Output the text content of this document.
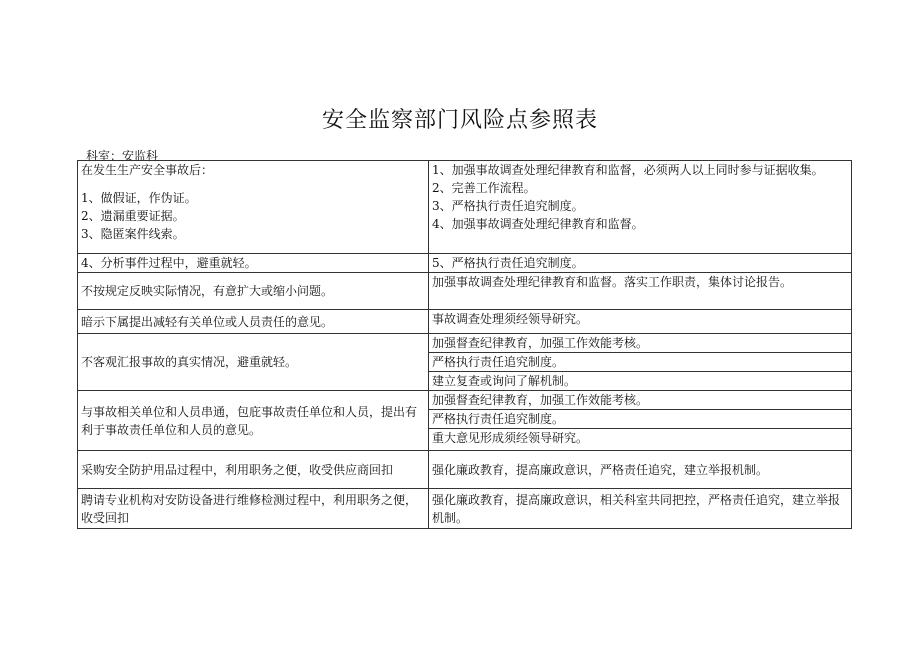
安全监察部门风险点参照表
科室：安监科
在发生生产安全事故后：
1、做假证，作伪证。
2、遗漏重要证据。
3、隐匿案件线索。	1、加强事故调查处理纪律教育和监督，必须两人以上同时参与证据收集。
2、完善工作流程。
3、严格执行责任追究制度。
4、加强事故调查处理纪律教育和监督。

4、分析事件过程中，避重就轻。	5、严格执行责任追究制度。
不按规定反映实际情况，有意扩大或缩小问题。	加强事故调查处理纪律教育和监督。落实工作职责，集体讨论报告。
暗示下属提出减轻有关单位或人员责任的意见。	事故调查处理须经领导研究。
不客观汇报事故的真实情况，避重就轻。	加强督查纪律教育，加强工作效能考核。
	严格执行责任追究制度。
	建立复查或询问了解机制。
与事故相关单位和人员串通，包庇事故责任单位和人员，提出有利于事故责任单位和人员的意见。	加强督查纪律教育，加强工作效能考核。
	严格执行责任追究制度。
	重大意见形成须经领导研究。
采购安全防护用品过程中，利用职务之便，收受供应商回扣	强化廉政教育，提高廉政意识，严格责任追究，建立举报机制。
聘请专业机构对安防设备进行维修检测过程中，利用职务之便，收受回扣	强化廉政教育，提高廉政意识，相关科室共同把控，严格责任追究，建立举报机制。
